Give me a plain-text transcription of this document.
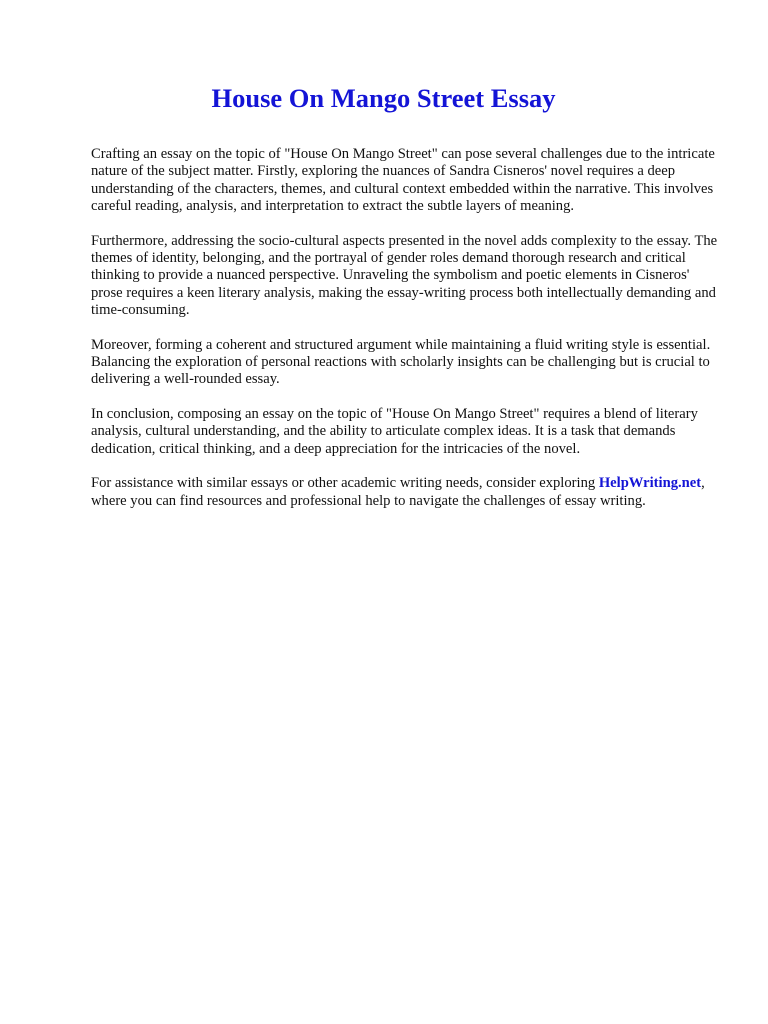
House On Mango Street Essay

Crafting an essay on the topic of "House On Mango Street" can pose several challenges due to the intricate nature of the subject matter. Firstly, exploring the nuances of Sandra Cisneros' novel requires a deep understanding of the characters, themes, and cultural context embedded within the narrative. This involves careful reading, analysis, and interpretation to extract the subtle layers of meaning.

Furthermore, addressing the socio-cultural aspects presented in the novel adds complexity to the essay. The themes of identity, belonging, and the portrayal of gender roles demand thorough research and critical thinking to provide a nuanced perspective. Unraveling the symbolism and poetic elements in Cisneros' prose requires a keen literary analysis, making the essay-writing process both intellectually demanding and time-consuming.

Moreover, forming a coherent and structured argument while maintaining a fluid writing style is essential. Balancing the exploration of personal reactions with scholarly insights can be challenging but is crucial to delivering a well-rounded essay.

In conclusion, composing an essay on the topic of "House On Mango Street" requires a blend of literary analysis, cultural understanding, and the ability to articulate complex ideas. It is a task that demands dedication, critical thinking, and a deep appreciation for the intricacies of the novel.

For assistance with similar essays or other academic writing needs, consider exploring HelpWriting.net, where you can find resources and professional help to navigate the challenges of essay writing.
